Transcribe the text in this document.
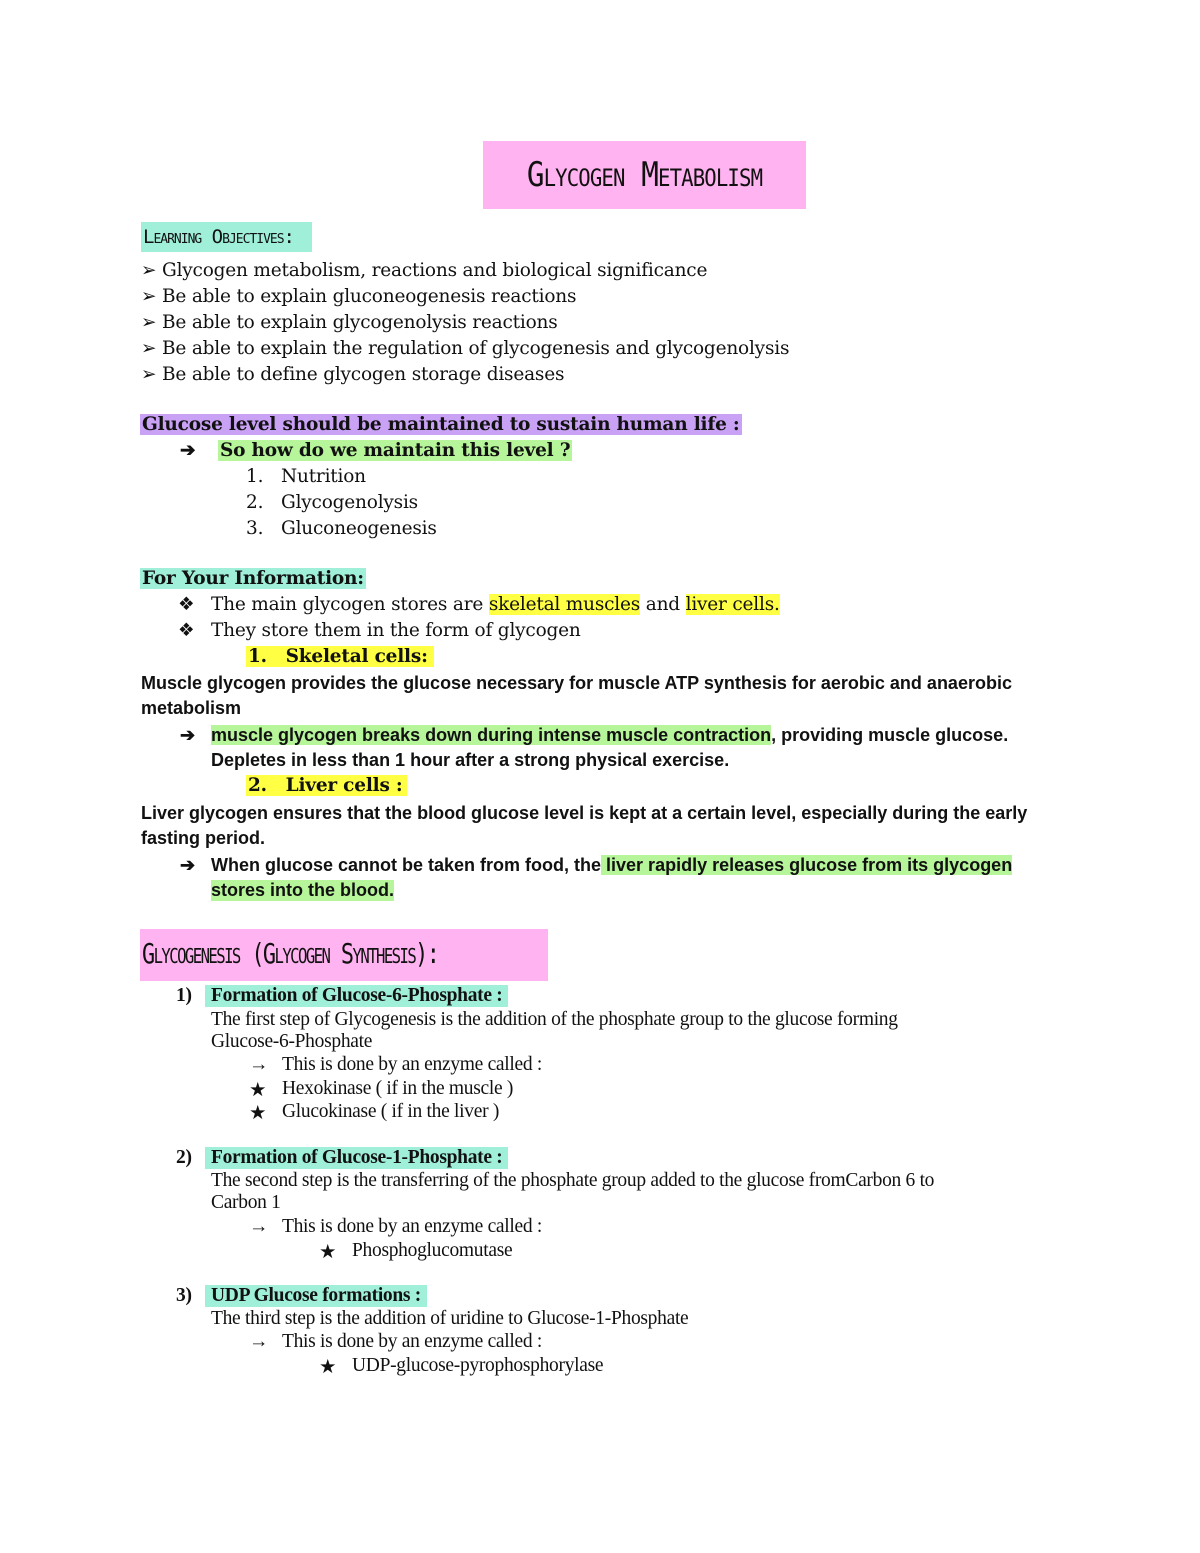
Glycogen Metabolism
Learning Objectives:
➢ Glycogen metabolism, reactions and biological significance
➢ Be able to explain gluconeogenesis reactions
➢ Be able to explain glycogenolysis reactions
➢ Be able to explain the regulation of glycogenesis and glycogenolysis
➢ Be able to define glycogen storage diseases
Glucose level should be maintained to sustain human life :
➔ So how do we maintain this level ?
1. Nutrition
2. Glycogenolysis
3. Gluconeogenesis
For Your Information:
❖ The main glycogen stores are skeletal muscles and liver cells.
❖ They store them in the form of glycogen
1.   Skeletal cells:
Muscle glycogen provides the glucose necessary for muscle ATP synthesis for aerobic and anaerobic
metabolism
➔ muscle glycogen breaks down during intense muscle contraction, providing muscle glucose.
Depletes in less than 1 hour after a strong physical exercise.
2.   Liver cells :
Liver glycogen ensures that the blood glucose level is kept at a certain level, especially during the early
fasting period.
➔ When glucose cannot be taken from food, the liver rapidly releases glucose from its glycogen
stores into the blood.
Glycogenesis (Glycogen Synthesis):
1) Formation of Glucose-6-Phosphate :
The first step of Glycogenesis is the addition of the phosphate group to the glucose forming
Glucose-6-Phosphate
→ This is done by an enzyme called :
★ Hexokinase ( if in the muscle )
★ Glucokinase ( if in the liver )
2) Formation of Glucose-1-Phosphate :
The second step is the transferring of the phosphate group added to the glucose fromCarbon 6 to
Carbon 1
→ This is done by an enzyme called :
★ Phosphoglucomutase
3) UDP Glucose formations :
The third step is the addition of uridine to Glucose-1-Phosphate
→ This is done by an enzyme called :
★ UDP-glucose-pyrophosphorylase
